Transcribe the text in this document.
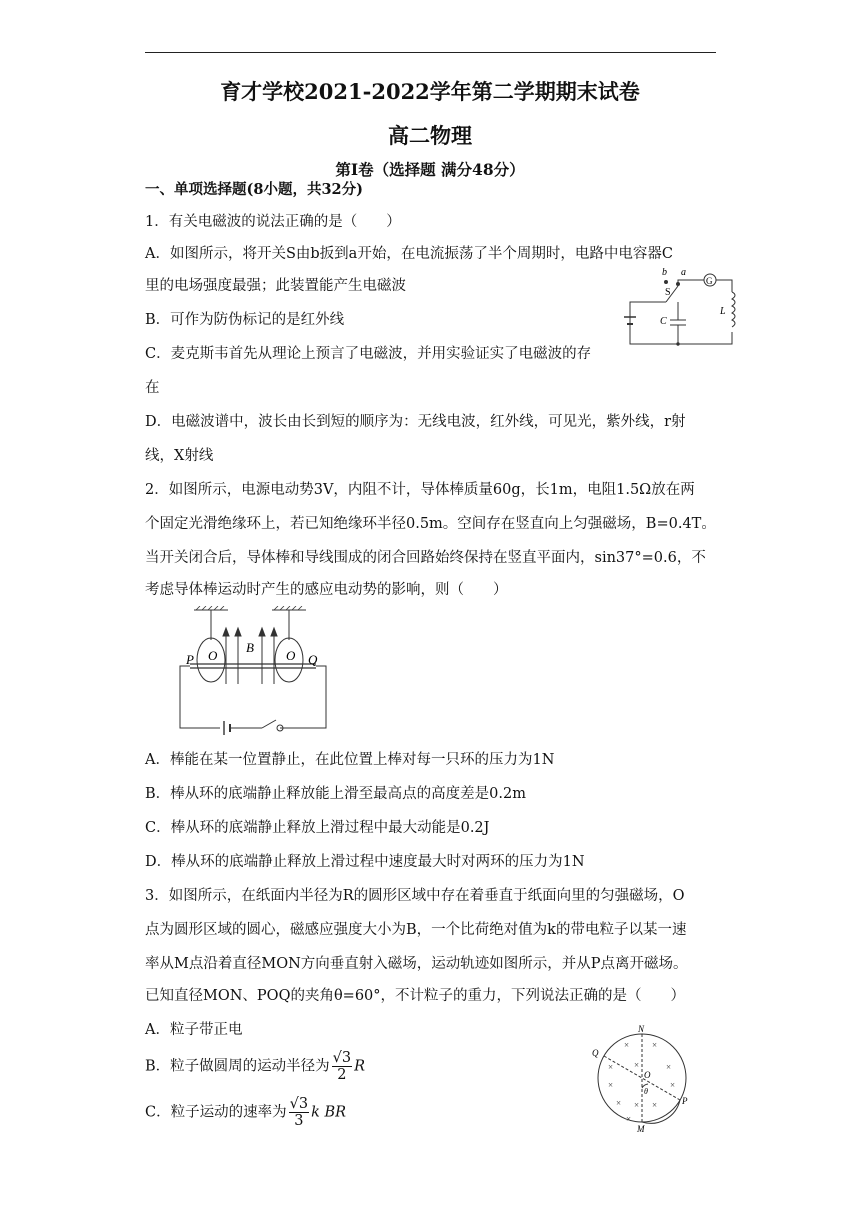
育才学校2021-2022学年第二学期期末试卷
高二物理
第Ⅰ卷（选择题 满分48分）
一、单项选择题(8小题，共32分)
1．有关电磁波的说法正确的是（　　）
A．如图所示，将开关S由b扳到a开始，在电流振荡了半个周期时，电路中电容器C
里的电场强度最强；此装置能产生电磁波
B．可作为防伪标记的是红外线
C．麦克斯韦首先从理论上预言了电磁波，并用实验证实了电磁波的存
在
D．电磁波谱中，波长由长到短的顺序为：无线电波，红外线，可见光，紫外线，r射
线，X射线
b a
S
G
C
L
2．如图所示，电源电动势3V，内阻不计，导体棒质量60g，长1m，电阻1.5Ω放在两
个固定光滑绝缘环上，若已知绝缘环半径0.5m。空间存在竖直向上匀强磁场，B=0.4T。
当开关闭合后，导体棒和导线围成的闭合回路始终保持在竖直平面内，sin37°=0.6，不
考虑导体棒运动时产生的感应电动势的影响，则（　　）
P	Q
O	O
B
A．棒能在某一位置静止，在此位置上棒对每一只环的压力为1N
B．棒从环的底端静止释放能上滑至最高点的高度差是0.2m
C．棒从环的底端静止释放上滑过程中最大动能是0.2J
D．棒从环的底端静止释放上滑过程中速度最大时对两环的压力为1N
3．如图所示，在纸面内半径为R的圆形区域中存在着垂直于纸面向里的匀强磁场，O
点为圆形区域的圆心，磁感应强度大小为B，一个比荷绝对值为k的带电粒子以某一速
率从M点沿着直径MON方向垂直射入磁场，运动轨迹如图所示，并从P点离开磁场。
已知直径MON、POQ的夹角θ=60°，不计粒子的重力，下列说法正确的是（　　）
A．粒子带正电
B．粒子做圆周的运动半径为 $\frac{√3}{2}$ R
C．粒子运动的速率为 $\frac{√3}{3}$ k BR
×	×
× ×	×
×	×
× × ×
×
N
M
P
Q
O
θ
